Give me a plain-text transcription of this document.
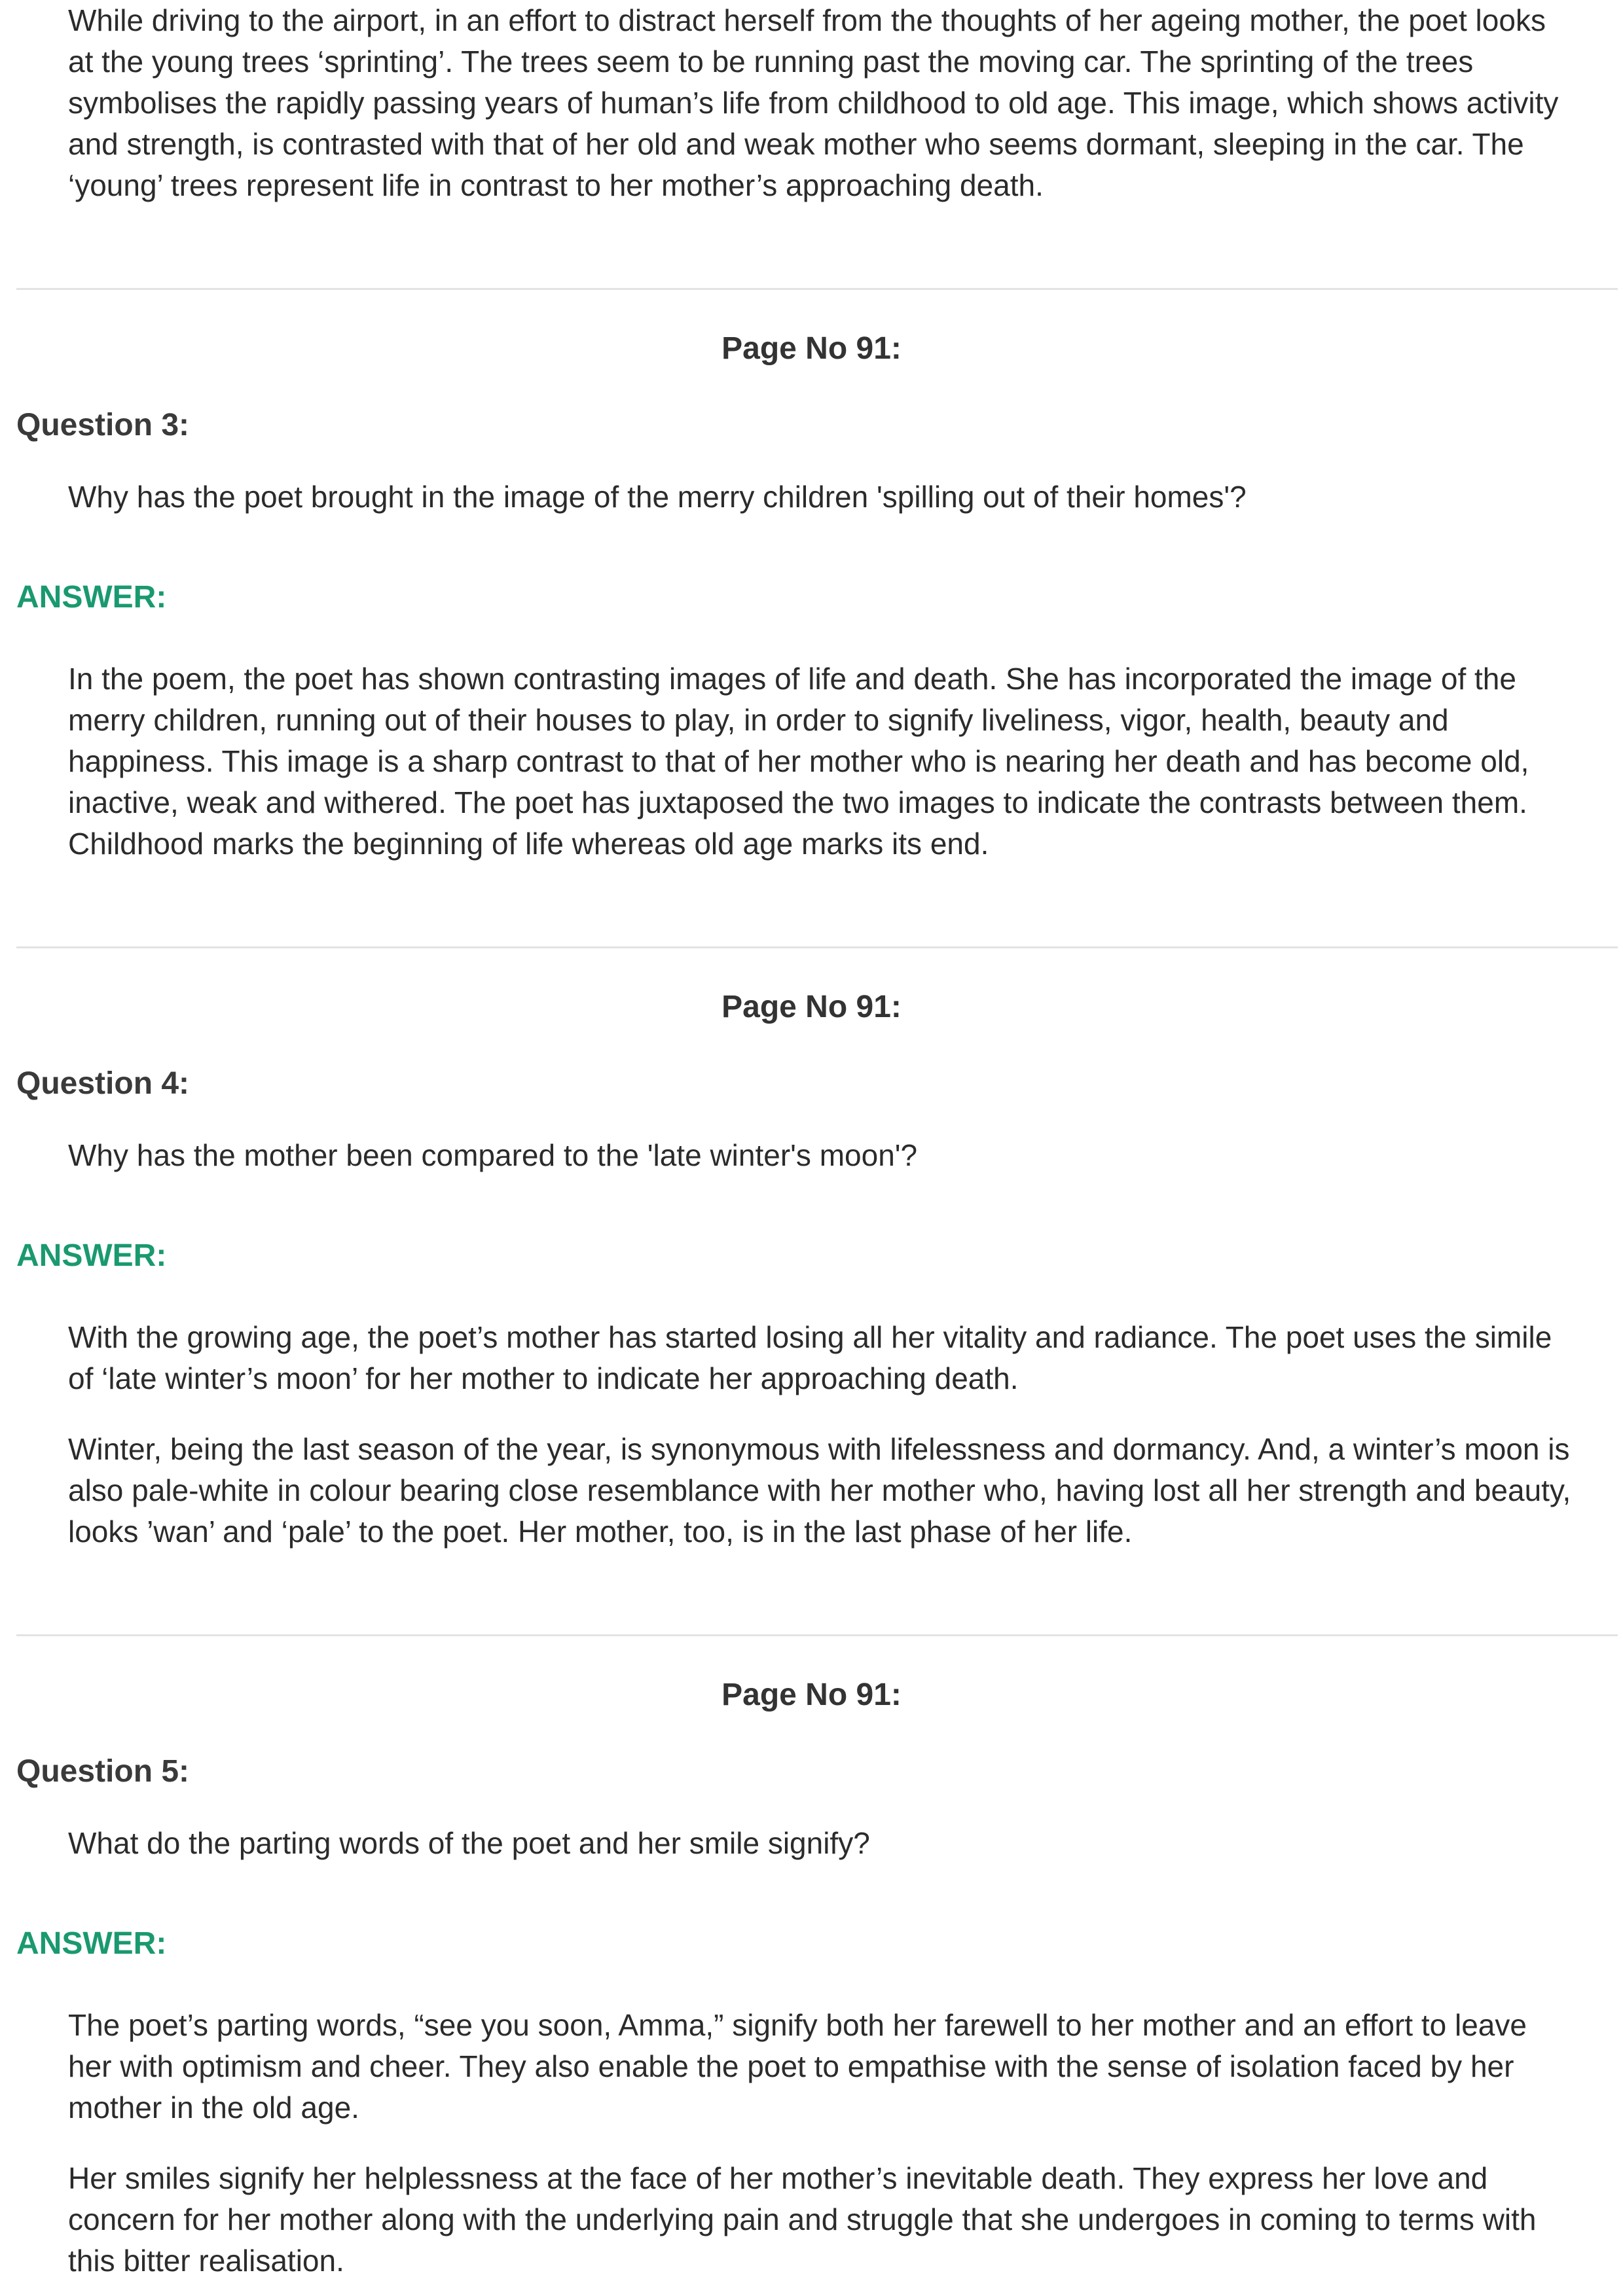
While driving to the airport, in an effort to distract herself from the thoughts of her ageing mother, the poet looks
at the young trees ‘sprinting’. The trees seem to be running past the moving car. The sprinting of the trees
symbolises the rapidly passing years of human’s life from childhood to old age. This image, which shows activity
and strength, is contrasted with that of her old and weak mother who seems dormant, sleeping in the car. The
‘young’ trees represent life in contrast to her mother’s approaching death.

Page No 91:

Question 3:

Why has the poet brought in the image of the merry children 'spilling out of their homes'?

ANSWER:

In the poem, the poet has shown contrasting images of life and death. She has incorporated the image of the
merry children, running out of their houses to play, in order to signify liveliness, vigor, health, beauty and
happiness. This image is a sharp contrast to that of her mother who is nearing her death and has become old,
inactive, weak and withered. The poet has juxtaposed the two images to indicate the contrasts between them.
Childhood marks the beginning of life whereas old age marks its end.

Page No 91:

Question 4:

Why has the mother been compared to the 'late winter's moon'?

ANSWER:

With the growing age, the poet’s mother has started losing all her vitality and radiance. The poet uses the simile
of ‘late winter’s moon’ for her mother to indicate her approaching death.

Winter, being the last season of the year, is synonymous with lifelessness and dormancy. And, a winter’s moon is
also pale-white in colour bearing close resemblance with her mother who, having lost all her strength and beauty,
looks ’wan’ and ‘pale’ to the poet. Her mother, too, is in the last phase of her life.

Page No 91:

Question 5:

What do the parting words of the poet and her smile signify?

ANSWER:

The poet’s parting words, “see you soon, Amma,” signify both her farewell to her mother and an effort to leave
her with optimism and cheer. They also enable the poet to empathise with the sense of isolation faced by her
mother in the old age.

Her smiles signify her helplessness at the face of her mother’s inevitable death. They express her love and
concern for her mother along with the underlying pain and struggle that she undergoes in coming to terms with
this bitter realisation.
